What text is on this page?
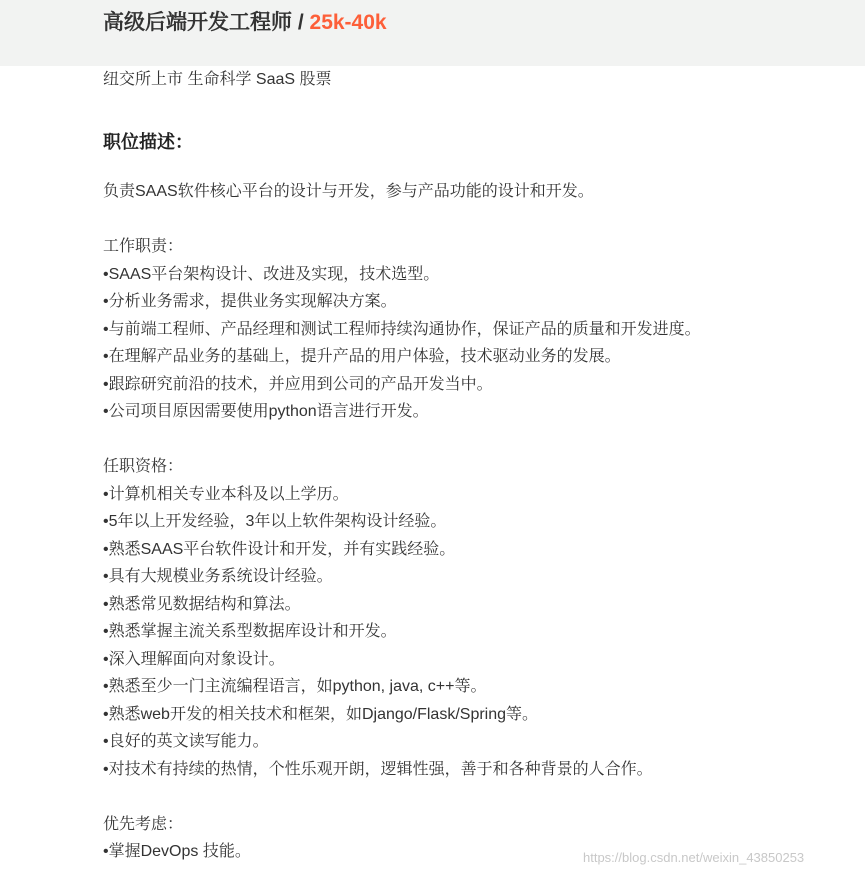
高级后端开发工程师 / 25k-40k
纽交所上市 生命科学 SaaS 股票
职位描述：
负责SAAS软件核心平台的设计与开发，参与产品功能的设计和开发。
工作职责：
•SAAS平台架构设计、改进及实现，技术选型。
•分析业务需求，提供业务实现解决方案。
•与前端工程师、产品经理和测试工程师持续沟通协作，保证产品的质量和开发进度。
•在理解产品业务的基础上，提升产品的用户体验，技术驱动业务的发展。
•跟踪研究前沿的技术，并应用到公司的产品开发当中。
•公司项目原因需要使用python语言进行开发。
任职资格：
•计算机相关专业本科及以上学历。
•5年以上开发经验，3年以上软件架构设计经验。
•熟悉SAAS平台软件设计和开发，并有实践经验。
•具有大规模业务系统设计经验。
•熟悉常见数据结构和算法。
•熟悉掌握主流关系型数据库设计和开发。
•深入理解面向对象设计。
•熟悉至少一门主流编程语言，如python, java, c++等。
•熟悉web开发的相关技术和框架，如Django/Flask/Spring等。
•良好的英文读写能力。
•对技术有持续的热情，个性乐观开朗，逻辑性强，善于和各种背景的人合作。
优先考虑：
•掌握DevOps 技能。	https://blog.csdn.net/weixin_43850253
